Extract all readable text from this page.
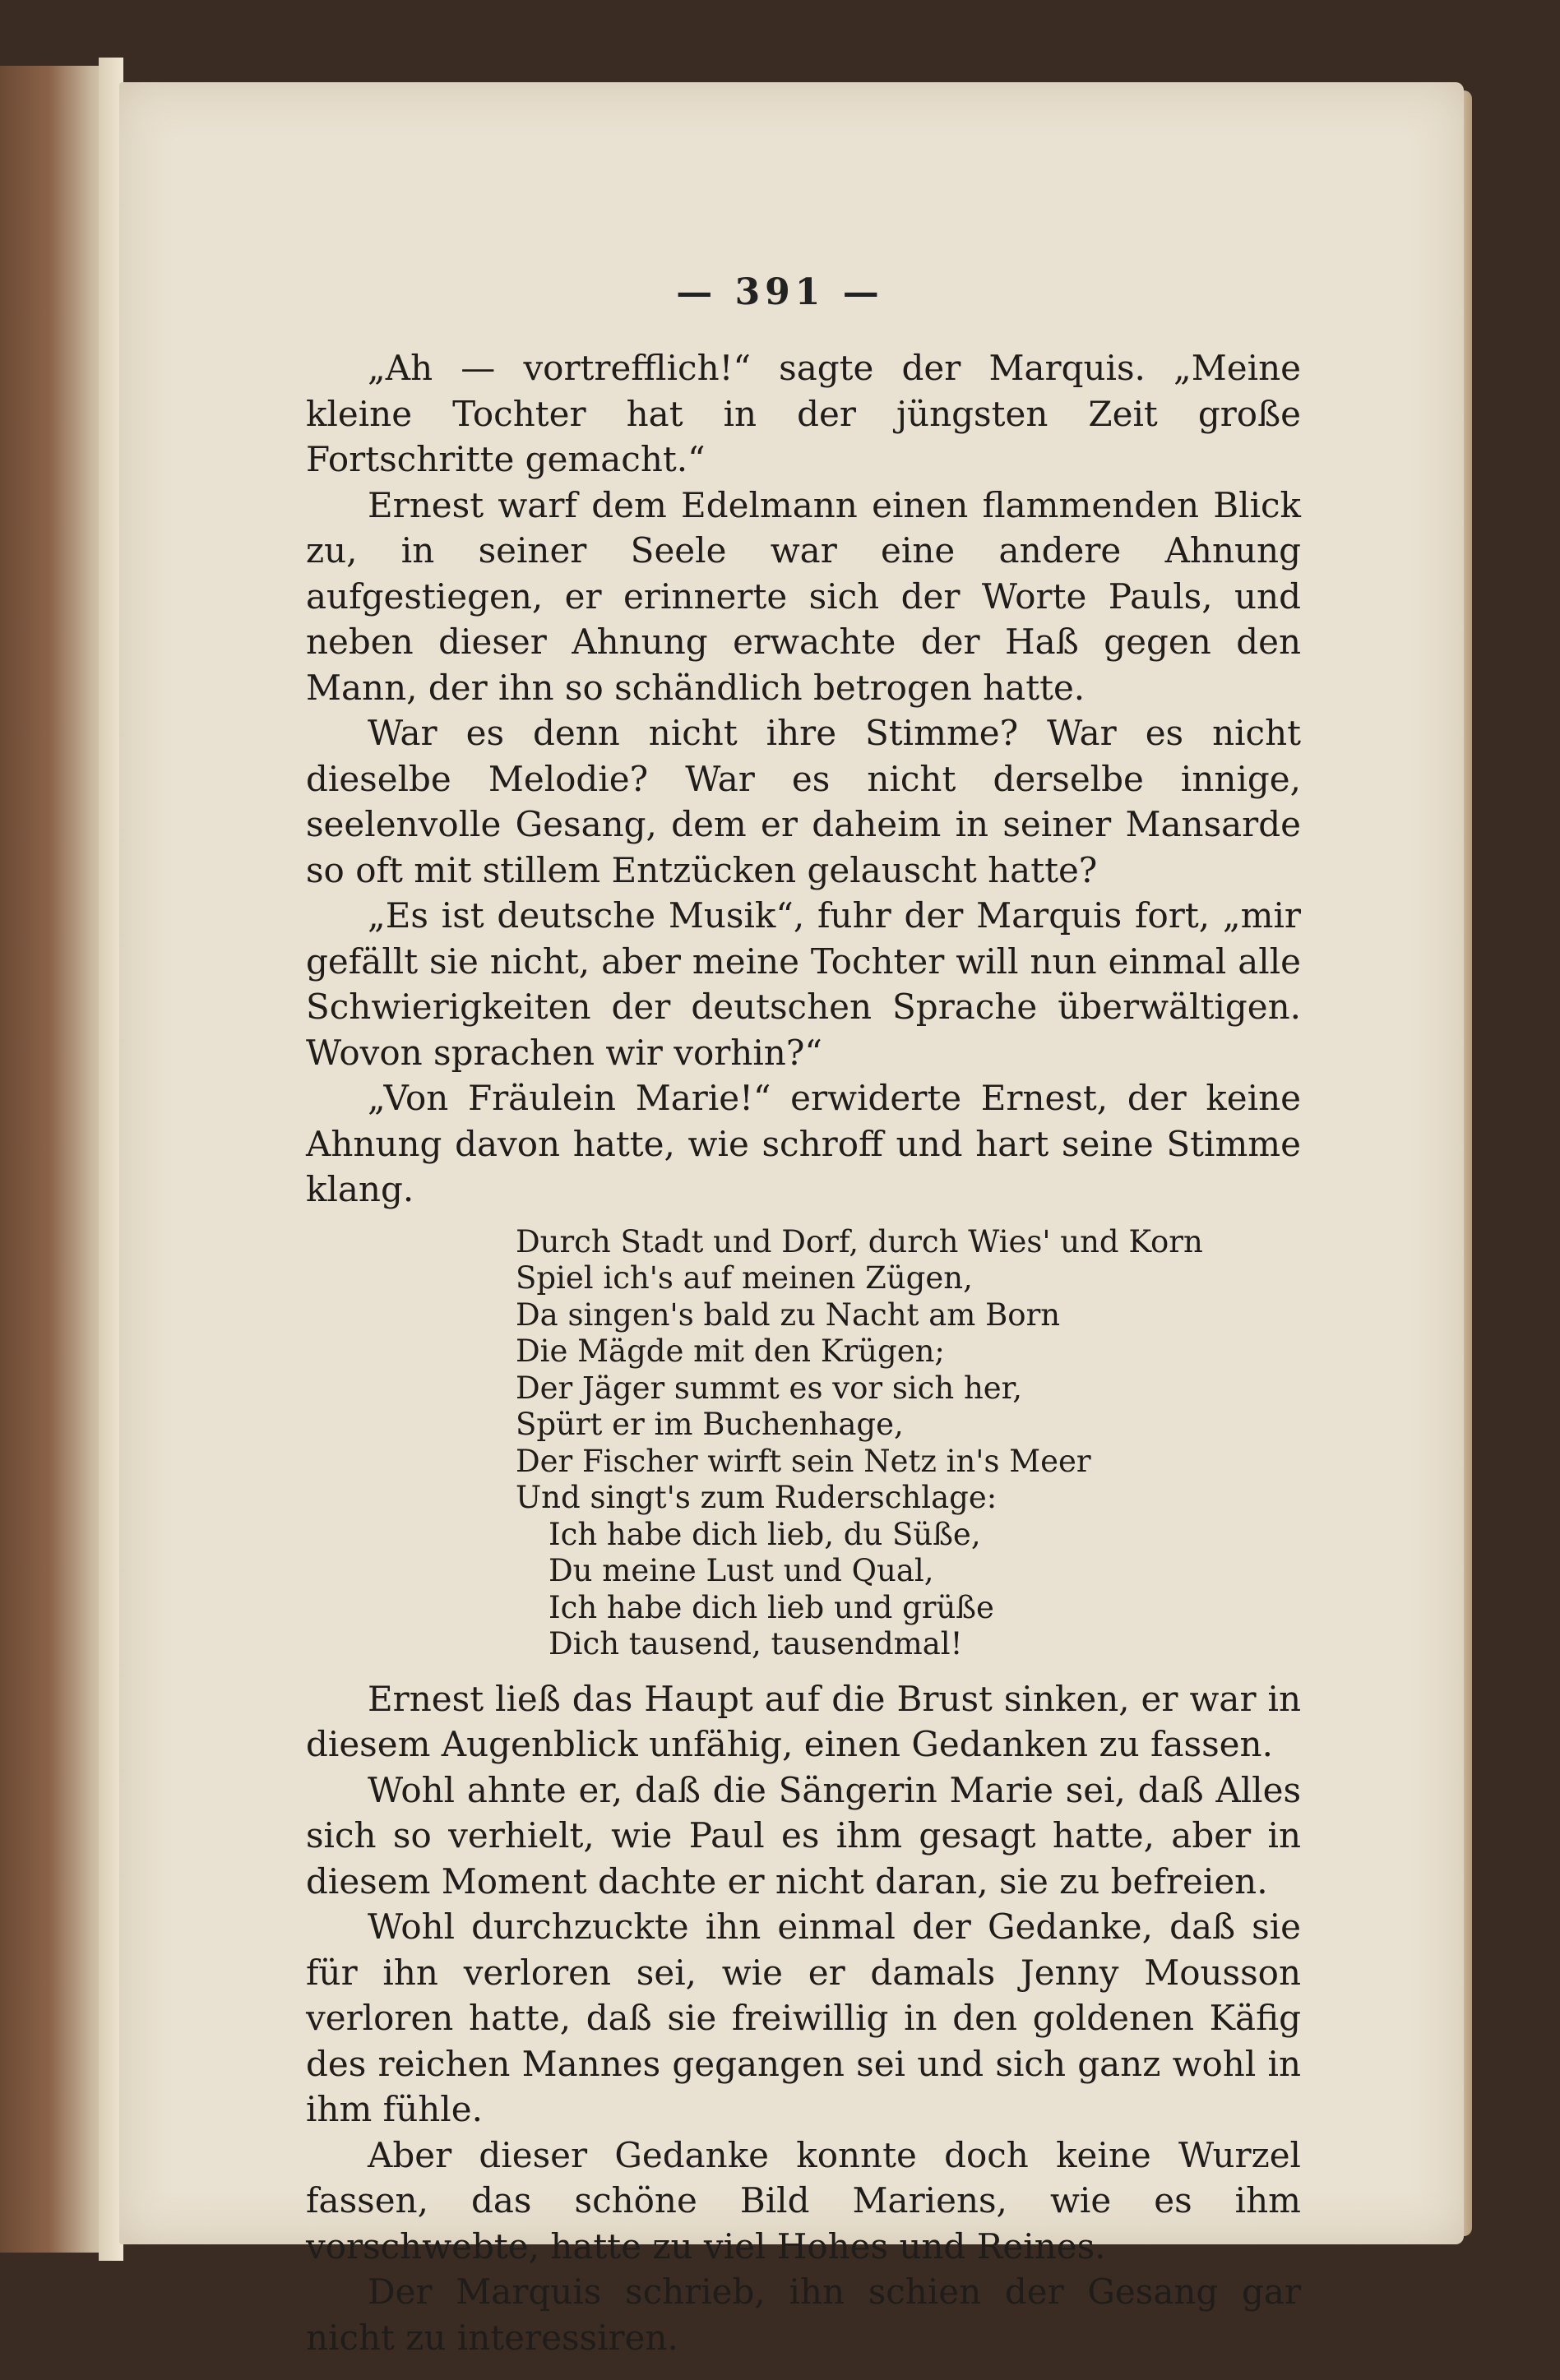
— 391 —

„Ah — vortrefflich!“ sagte der Marquis. „Meine kleine Tochter hat in der jüngsten Zeit große Fortschritte gemacht.“

Ernest warf dem Edelmann einen flammenden Blick zu, in seiner Seele war eine andere Ahnung aufgestiegen, er erinnerte sich der Worte Pauls, und neben dieser Ahnung erwachte der Haß gegen den Mann, der ihn so schändlich betrogen hatte.

War es denn nicht ihre Stimme? War es nicht dieselbe Melodie? War es nicht derselbe innige, seelenvolle Gesang, dem er daheim in seiner Mansarde so oft mit stillem Entzücken gelauscht hatte?

„Es ist deutsche Musik“, fuhr der Marquis fort, „mir gefällt sie nicht, aber meine Tochter will nun einmal alle Schwierigkeiten der deutschen Sprache überwältigen. Wovon sprachen wir vorhin?“

„Von Fräulein Marie!“ erwiderte Ernest, der keine Ahnung davon hatte, wie schroff und hart seine Stimme klang.

Durch Stadt und Dorf, durch Wies' und Korn
Spiel ich's auf meinen Zügen,
Da singen's bald zu Nacht am Born
Die Mägde mit den Krügen;
Der Jäger summt es vor sich her,
Spürt er im Buchenhage,
Der Fischer wirft sein Netz in's Meer
Und singt's zum Ruderschlage:
Ich habe dich lieb, du Süße,
Du meine Lust und Qual,
Ich habe dich lieb und grüße
Dich tausend, tausendmal!

Ernest ließ das Haupt auf die Brust sinken, er war in diesem Augenblick unfähig, einen Gedanken zu fassen.

Wohl ahnte er, daß die Sängerin Marie sei, daß Alles sich so verhielt, wie Paul es ihm gesagt hatte, aber in diesem Moment dachte er nicht daran, sie zu befreien.

Wohl durchzuckte ihn einmal der Gedanke, daß sie für ihn verloren sei, wie er damals Jenny Mousson verloren hatte, daß sie freiwillig in den goldenen Käfig des reichen Mannes gegangen sei und sich ganz wohl in ihm fühle.

Aber dieser Gedanke konnte doch keine Wurzel fassen, das schöne Bild Mariens, wie es ihm vorschwebte, hatte zu viel Hohes und Reines.

Der Marquis schrieb, ihn schien der Gesang gar nicht zu interessiren.
